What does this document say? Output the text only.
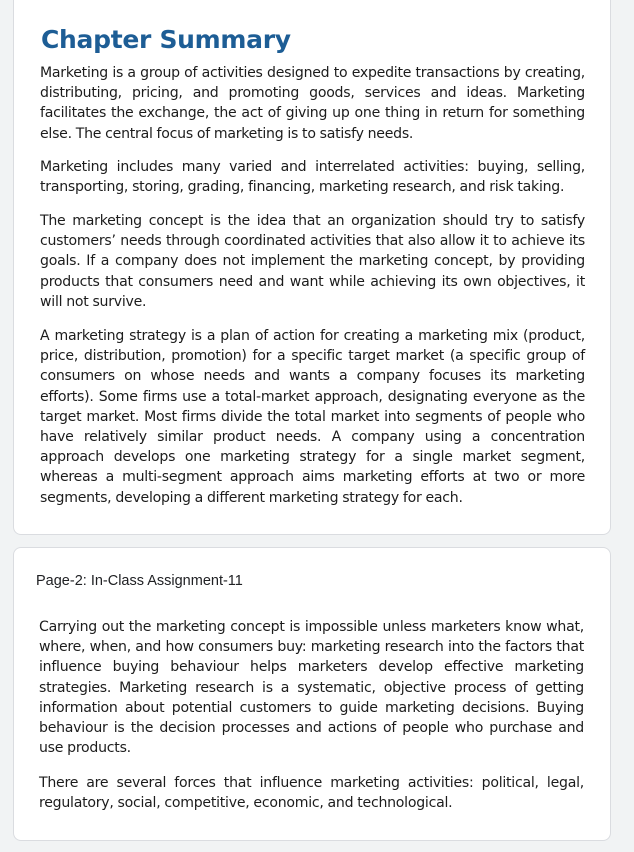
Chapter Summary

Marketing is a group of activities designed to expedite transactions by creating, distributing, pricing, and promoting goods, services and ideas. Marketing facilitates the exchange, the act of giving up one thing in return for something else. The central focus of marketing is to satisfy needs.

Marketing includes many varied and interrelated activities: buying, selling, transporting, storing, grading, financing, marketing research, and risk taking.

The marketing concept is the idea that an organization should try to satisfy customers’ needs through coordinated activities that also allow it to achieve its goals. If a company does not implement the marketing concept, by providing products that consumers need and want while achieving its own objectives, it will not survive.

A marketing strategy is a plan of action for creating a marketing mix (product, price, distribution, promotion) for a specific target market (a specific group of consumers on whose needs and wants a company focuses its marketing efforts). Some firms use a total-market approach, designating everyone as the target market. Most firms divide the total market into segments of people who have relatively similar product needs. A company using a concentration approach develops one marketing strategy for a single market segment, whereas a multi-segment approach aims marketing efforts at two or more segments, developing a different marketing strategy for each.

Page-2: In-Class Assignment-11

Carrying out the marketing concept is impossible unless marketers know what, where, when, and how consumers buy: marketing research into the factors that influence buying behaviour helps marketers develop effective marketing strategies. Marketing research is a systematic, objective process of getting information about potential customers to guide marketing decisions. Buying behaviour is the decision processes and actions of people who purchase and use products.

There are several forces that influence marketing activities: political, legal, regulatory, social, competitive, economic, and technological.
